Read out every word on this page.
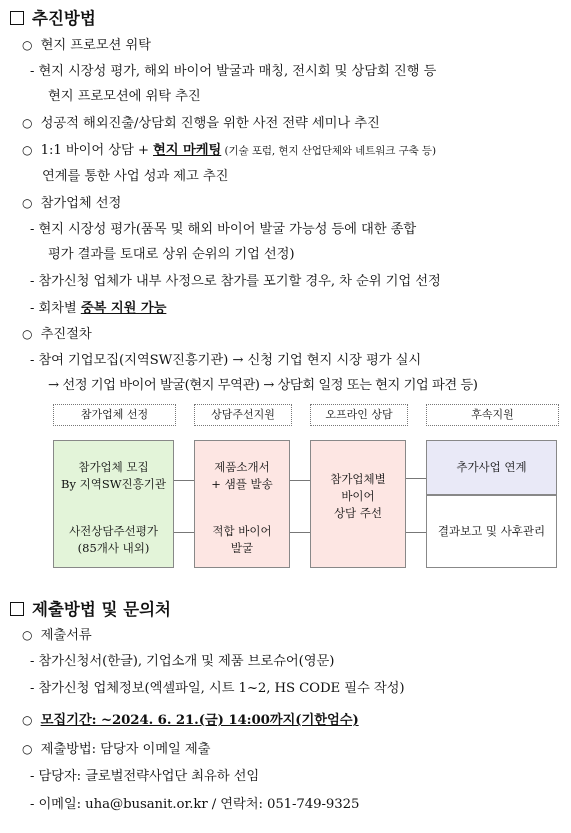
추진방법
○ 현지 프로모션 위탁
- 현지 시장성 평가, 해외 바이어 발굴과 매칭, 전시회 및 상담회 진행 등
현지 프로모션에 위탁 추진
○ 성공적 해외진출/상담회 진행을 위한 사전 전략 세미나 추진
○ 1:1 바이어 상담 + 현지 마케팅 (기술 포럼, 현지 산업단체와 네트워크 구축 등)
연계를 통한 사업 성과 제고 추진
○ 참가업체 선정
- 현지 시장성 평가(품목 및 해외 바이어 발굴 가능성 등에 대한 종합
평가 결과를 토대로 상위 순위의 기업 선정)
- 참가신청 업체가 내부 사정으로 참가를 포기할 경우, 차 순위 기업 선정
- 회차별 중복 지원 가능
○ 추진절차
- 참여 기업모집(지역SW진흥기관) → 신청 기업 현지 시장 평가 실시
→ 선정 기업 바이어 발굴(현지 무역관) → 상담회 일정 또는 현지 기업 파견 등)
참가업체 선정	상담주선지원	오프라인 상담	후속지원
참가업체 모집
By 지역SW진흥기관
사전상담주선평가
(85개사 내외)
제품소개서
+ 샘플 발송
적합 바이어
발굴
참가업체별
바이어
상담 주선
추가사업 연계
결과보고 및 사후관리
제출방법 및 문의처
○ 제출서류
- 참가신청서(한글), 기업소개 및 제품 브로슈어(영문)
- 참가신청 업체정보(엑셀파일, 시트 1~2, HS CODE 필수 작성)
○ 모집기간: ~2024. 6. 21.(금) 14:00까지(기한엄수)
○ 제출방법: 담당자 이메일 제출
- 담당자: 글로벌전략사업단 최유하 선임
- 이메일: uha@busanit.or.kr / 연락처: 051-749-9325
